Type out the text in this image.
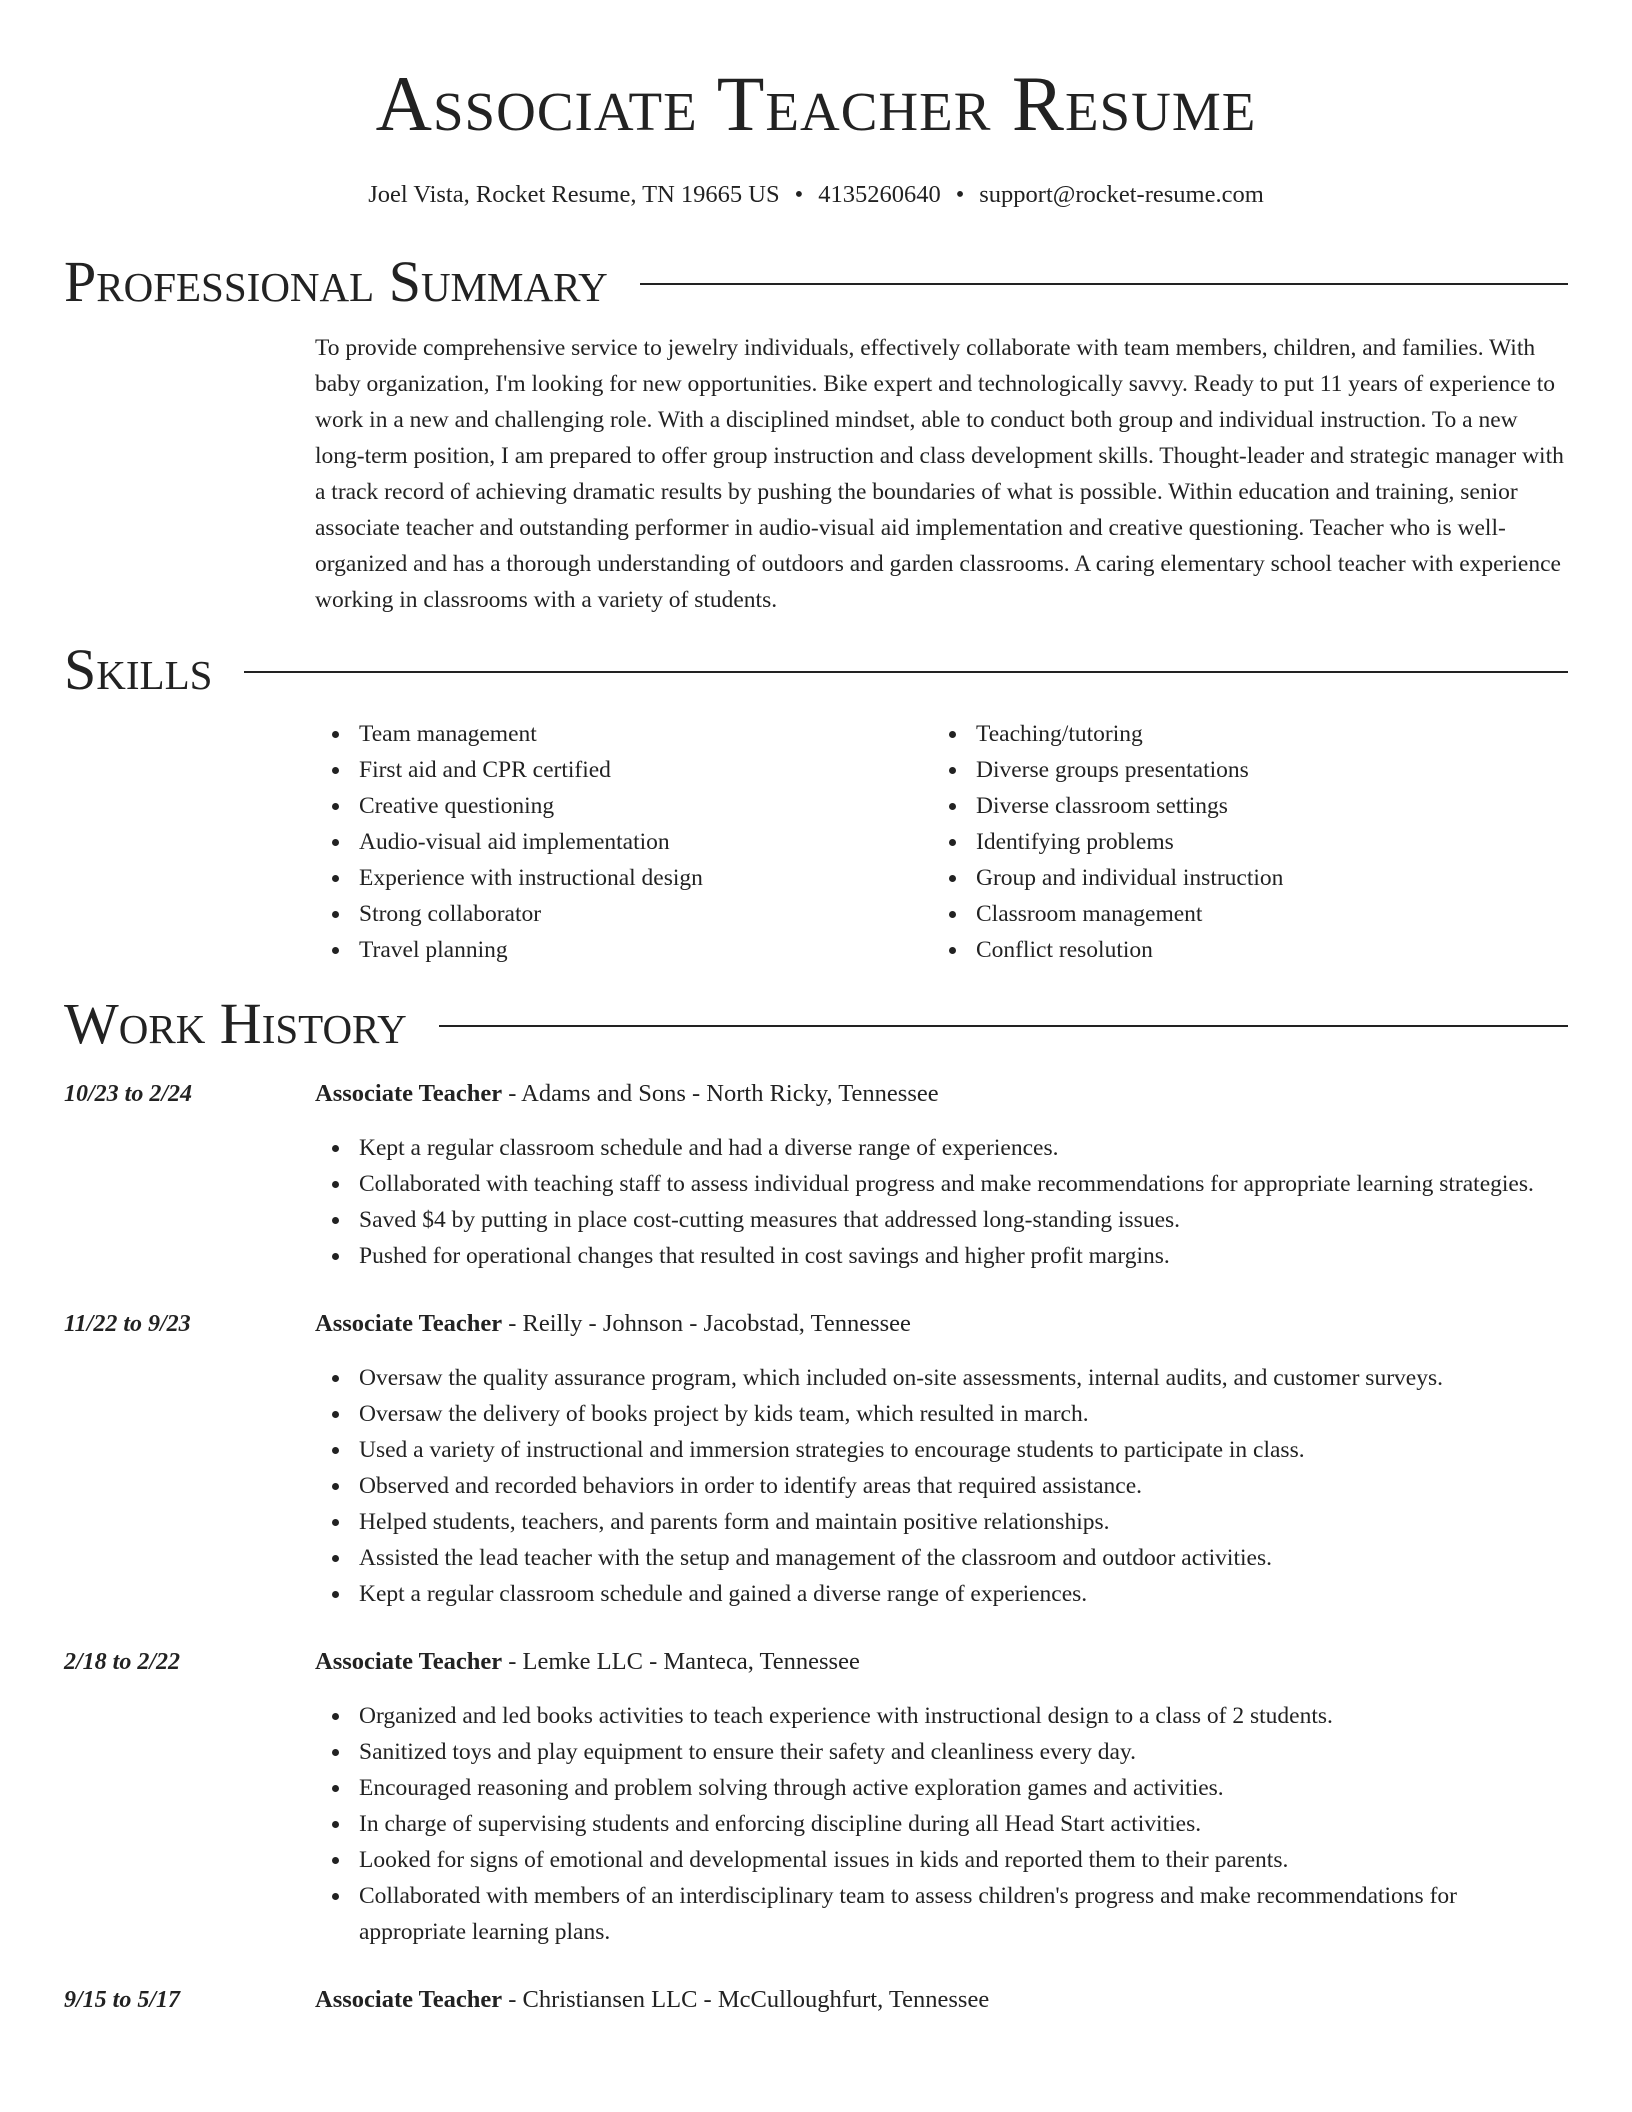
Associate Teacher Resume
Joel Vista, Rocket Resume, TN 19665 US • 4135260640 • support@rocket-resume.com
Professional Summary

To provide comprehensive service to jewelry individuals, effectively collaborate with team members, children, and families. With baby organization, I'm looking for new opportunities. Bike expert and technologically savvy. Ready to put 11 years of experience to work in a new and challenging role. With a disciplined mindset, able to conduct both group and individual instruction. To a new long-term position, I am prepared to offer group instruction and class development skills. Thought-leader and strategic manager with a track record of achieving dramatic results by pushing the boundaries of what is possible. Within education and training, senior associate teacher and outstanding performer in audio-visual aid implementation and creative questioning. Teacher who is well-organized and has a thorough understanding of outdoors and garden classrooms. A caring elementary school teacher with experience working in classrooms with a variety of students.

Skills
Team management
First aid and CPR certified
Creative questioning
Audio-visual aid implementation
Experience with instructional design
Strong collaborator
Travel planning
Teaching/tutoring
Diverse groups presentations
Diverse classroom settings
Identifying problems
Group and individual instruction
Classroom management
Conflict resolution
Work History
10/23 to 2/24	Associate Teacher - Adams and Sons - North Ricky, Tennessee
Kept a regular classroom schedule and had a diverse range of experiences.
Collaborated with teaching staff to assess individual progress and make recommendations for appropriate learning strategies.
Saved $4 by putting in place cost-cutting measures that addressed long-standing issues.
Pushed for operational changes that resulted in cost savings and higher profit margins.
11/22 to 9/23	Associate Teacher - Reilly - Johnson - Jacobstad, Tennessee
Oversaw the quality assurance program, which included on-site assessments, internal audits, and customer surveys.
Oversaw the delivery of books project by kids team, which resulted in march.
Used a variety of instructional and immersion strategies to encourage students to participate in class.
Observed and recorded behaviors in order to identify areas that required assistance.
Helped students, teachers, and parents form and maintain positive relationships.
Assisted the lead teacher with the setup and management of the classroom and outdoor activities.
Kept a regular classroom schedule and gained a diverse range of experiences.
2/18 to 2/22	Associate Teacher - Lemke LLC - Manteca, Tennessee
Organized and led books activities to teach experience with instructional design to a class of 2 students.
Sanitized toys and play equipment to ensure their safety and cleanliness every day.
Encouraged reasoning and problem solving through active exploration games and activities.
In charge of supervising students and enforcing discipline during all Head Start activities.
Looked for signs of emotional and developmental issues in kids and reported them to their parents.
Collaborated with members of an interdisciplinary team to assess children's progress and make recommendations for appropriate learning plans.
9/15 to 5/17	Associate Teacher - Christiansen LLC - McCulloughfurt, Tennessee
